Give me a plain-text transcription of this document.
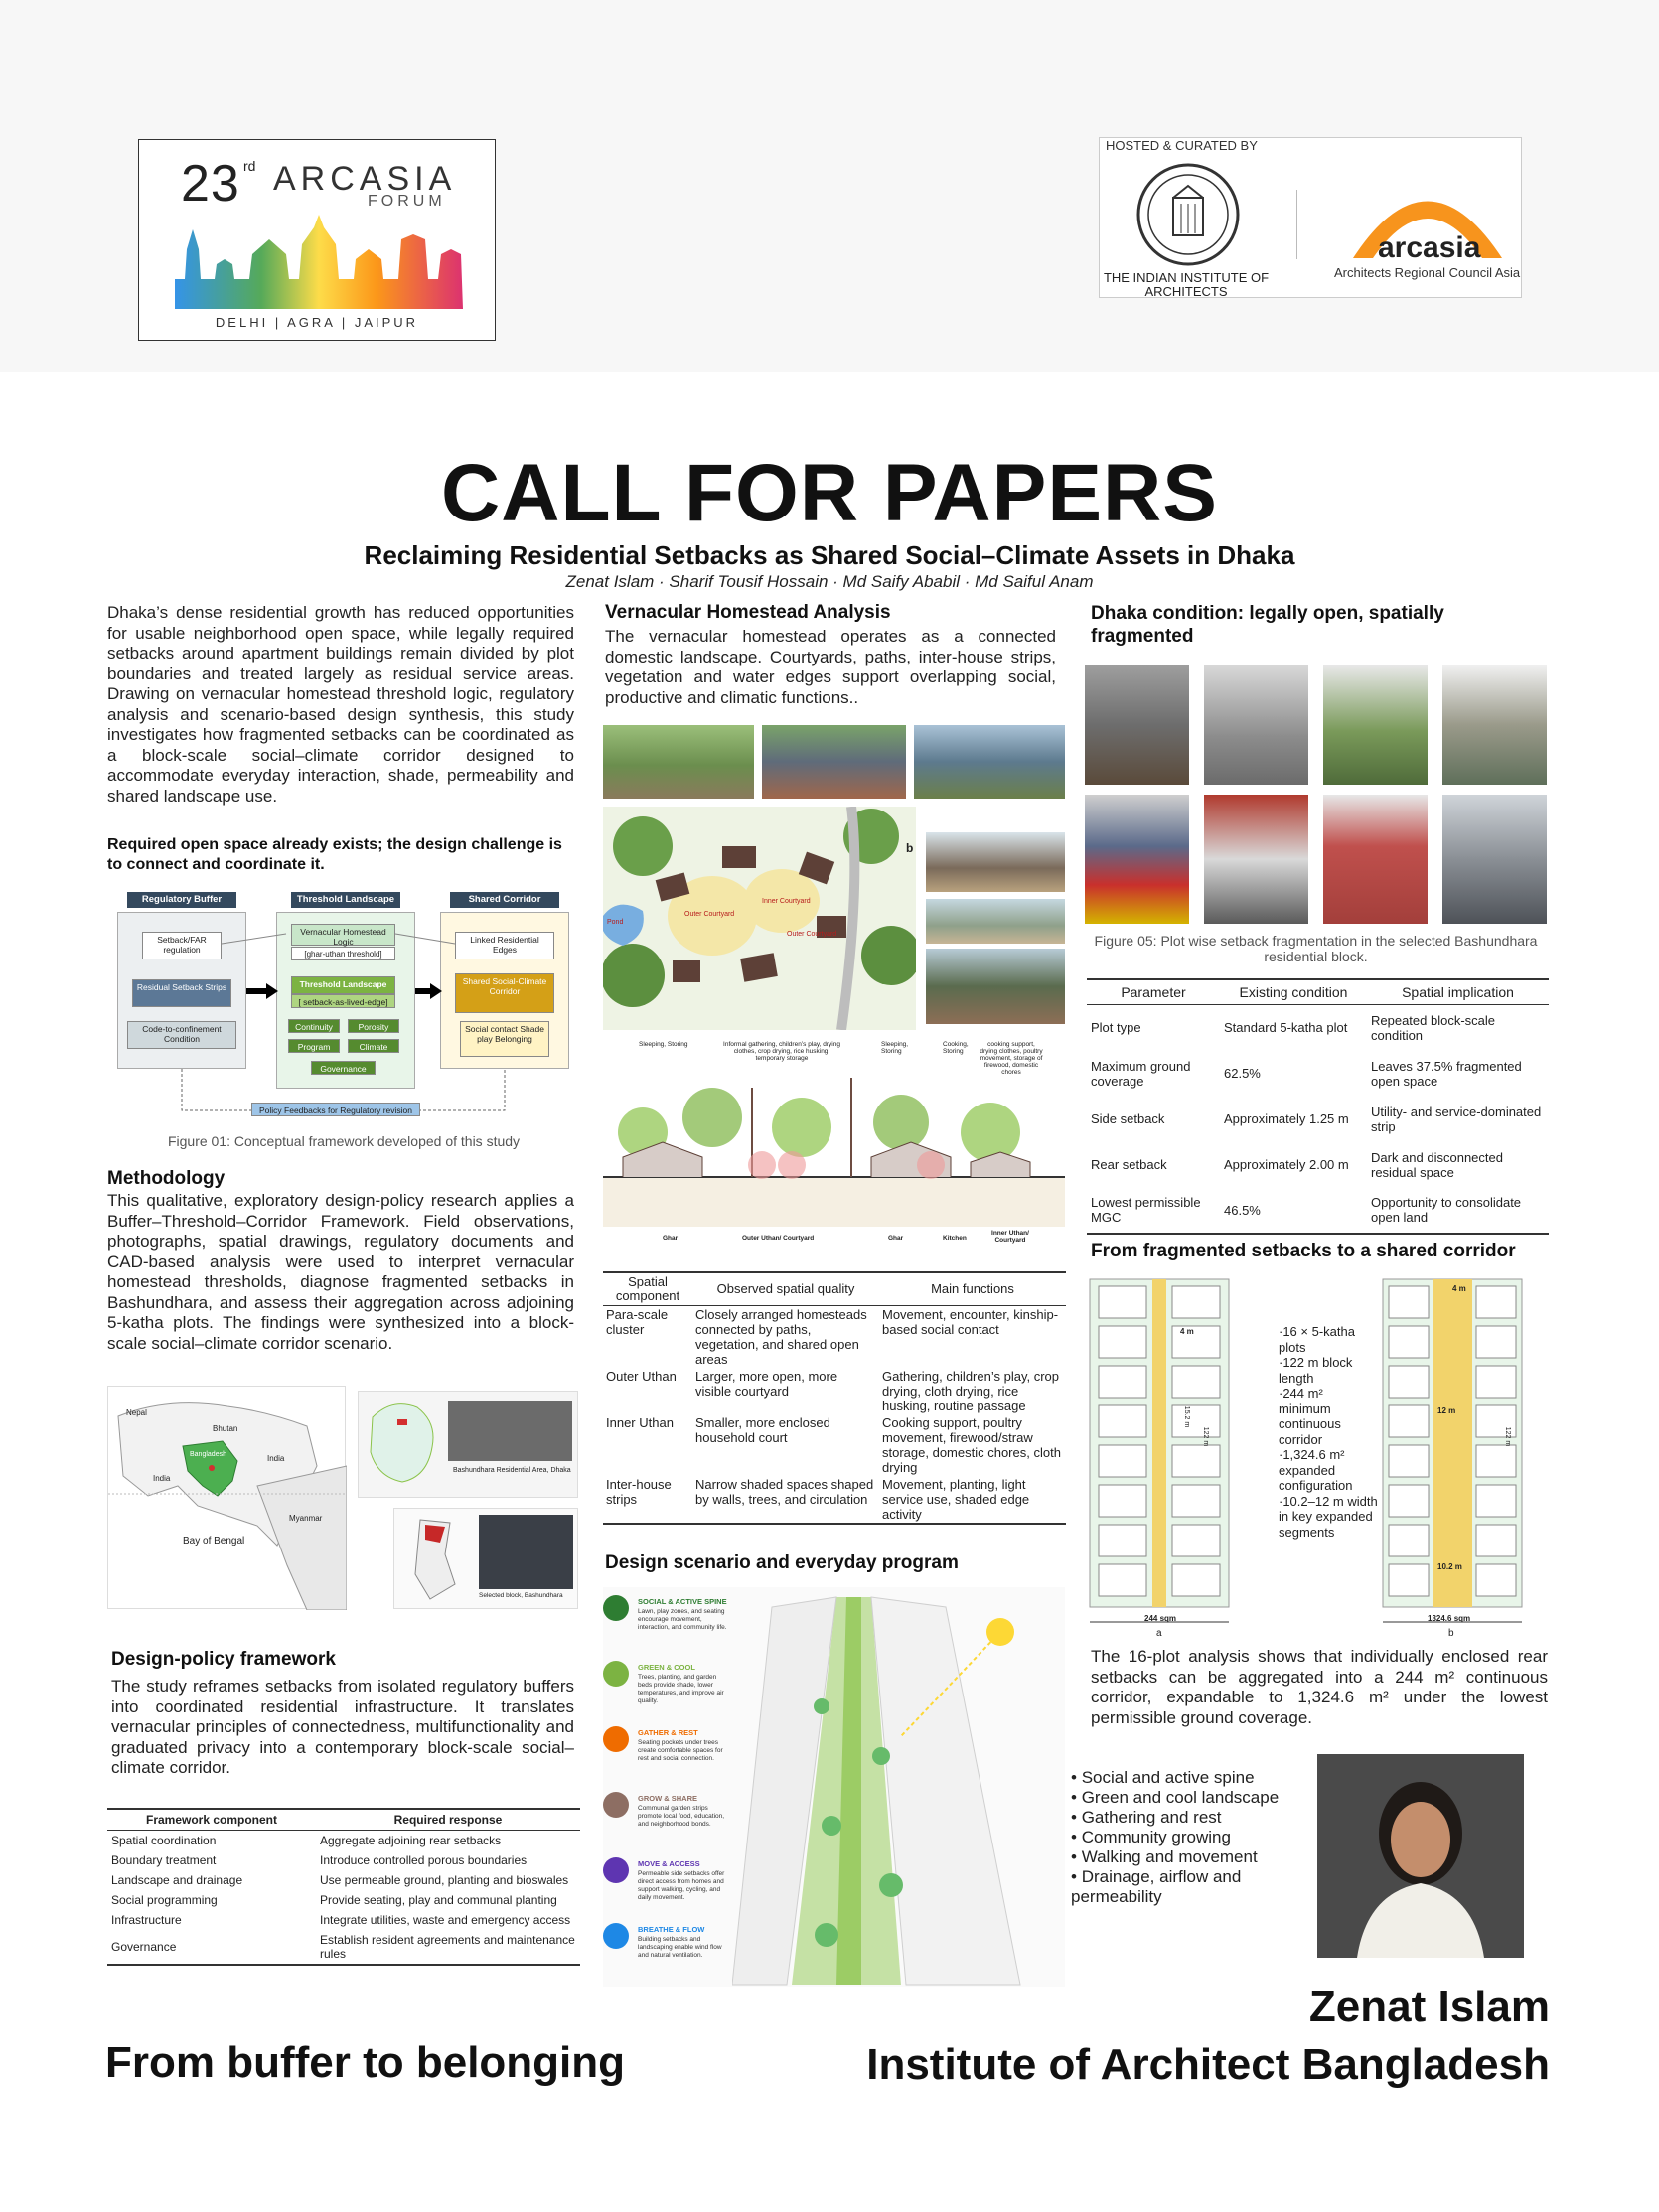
23 rd ARCASIA
FORUM
DELHI | AGRA | JAIPUR
HOSTED & CURATED BY
THE INDIAN INSTITUTE OF ARCHITECTS
arcasia
Architects Regional Council Asia
CALL FOR PAPERS
Reclaiming Residential Setbacks as Shared Social–Climate Assets in Dhaka
Zenat Islam · Sharif Tousif Hossain · Md Saify Ababil · Md Saiful Anam

Dhaka’s dense residential growth has reduced opportunities for usable neighborhood open space, while legally required setbacks around apartment buildings remain divided by plot boundaries and treated largely as residual service areas. Drawing on vernacular homestead threshold logic, regulatory analysis and scenario-based design synthesis, this study investigates how fragmented setbacks can be coordinated as a block-scale social–climate corridor designed to accommodate everyday interaction, shade, permeability and shared landscape use.

Required open space already exists; the design challenge is to connect and coordinate it.

Regulatory Buffer	Threshold Landscape	Shared Corridor
Setback/FAR regulation
Residual Setback Strips
Code-to-confinement Condition
Vernacular Homestead Logic
[ghar-uthan threshold]
Threshold Landscape
[ setback-as-lived-edge]
Continuity	Porosity
Program	Climate
Governance
Linked Residential Edges
Shared Social-Climate Corridor
Social contact Shade play Belonging
Policy Feedbacks for Regulatory revision
Figure 01: Conceptual framework developed of this study
Methodology

This qualitative, exploratory design-policy research applies a Buffer–Threshold–Corridor Framework. Field observations, photographs, spatial drawings, regulatory documents and CAD-based analysis were used to interpret vernacular homestead thresholds, diagnose fragmented setbacks in Bashundhara, and assess their aggregation across adjoining 5-katha plots. The findings were synthesized into a block-scale social–climate corridor scenario.

Nepal
Bhutan
India
India
Bangladesh
Myanmar
Bay of Bengal
Bashundhara Residential Area, Dhaka
Selected block, Bashundhara
Design-policy framework

The study reframes setbacks from isolated regulatory buffers into coordinated residential infrastructure. It translates vernacular principles of connectedness, multifunctionality and graduated privacy into a contemporary block-scale social–climate corridor.

Framework component	Required response
Spatial coordination	Aggregate adjoining rear setbacks
Boundary treatment	Introduce controlled porous boundaries
Landscape and drainage	Use permeable ground, planting and bioswales
Social programming	Provide seating, play and communal planting
Infrastructure	Integrate utilities, waste and emergency access
Governance	Establish resident agreements and maintenance rules
Vernacular Homestead Analysis

The vernacular homestead operates as a connected domestic landscape. Courtyards, paths, inter-house strips, vegetation and water edges support overlapping social, productive and climatic functions..

Outer Courtyard
Inner Courtyard
Outer Courtyard
Pond
b
Sleeping, Storing	Informal gathering, children’s play, drying clothes, crop drying, rice husking, temporary storage
Sleeping, Storing
Cooking, Storing
cooking support, drying clothes, poultry movement, storage of firewood, domestic chores
Ghar	Outer Uthan/ Courtyard	Ghar	Kitchen
Inner Uthan/ Courtyard
Spatial component	Observed spatial quality	Main functions
Para-scale cluster	Closely arranged homesteads connected by paths, vegetation, and shared open areas	Movement, encounter, kinship-based social contact
Outer Uthan	Larger, more open, more visible courtyard	Gathering, children’s play, crop drying, cloth drying, rice husking, routine passage
Inner Uthan	Smaller, more enclosed household court	Cooking support, poultry movement, firewood/straw storage, domestic chores, cloth drying
Inter-house strips	Narrow shaded spaces shaped by walls, trees, and circulation	Movement, planting, light service use, shaded edge activity
Design scenario and everyday program
SOCIAL & ACTIVE SPINE
Lawn, play zones, and seating encourage movement, interaction, and community life.
GREEN & COOL
Trees, planting, and garden beds provide shade, lower temperatures, and improve air quality.
GATHER & REST
Seating pockets under trees create comfortable spaces for rest and social connection.
GROW & SHARE
Communal garden strips promote local food, education, and neighborhood bonds.
MOVE & ACCESS
Permeable side setbacks offer direct access from homes and support walking, cycling, and daily movement.
BREATHE & FLOW
Building setbacks and landscaping enable wind flow and natural ventilation.
Dhaka condition: legally open, spatially fragmented
Figure 05: Plot wise setback fragmentation in the selected Bashundhara residential block.
Parameter	Existing condition	Spatial implication
Plot type	Standard 5-katha plot	Repeated block-scale condition
Maximum ground coverage	62.5%	Leaves 37.5% fragmented open space
Side setback	Approximately 1.25 m	Utility- and service-dominated strip
Rear setback	Approximately 2.00 m	Dark and disconnected residual space
Lowest permissible MGC	46.5%	Opportunity to consolidate open land
From fragmented setbacks to a shared corridor
4 m
4 m
12 m
10.2 m
15.2 m
122 m	122 m
244 sqm	1324.6 sqm
a	b
·16 × 5-katha plots
·122 m block length
·244 m² minimum continuous corridor
·1,324.6 m² expanded configuration
·10.2–12 m width in key expanded segments

The 16-plot analysis shows that individually enclosed rear setbacks can be aggregated into a 244 m² continuous corridor, expandable to 1,324.6 m² under the lowest permissible ground coverage.

• Social and active spine
• Green and cool landscape
• Gathering and rest
• Community growing
• Walking and movement
• Drainage, airflow and permeability
From buffer to belonging
Zenat Islam
Institute of Architect Bangladesh
